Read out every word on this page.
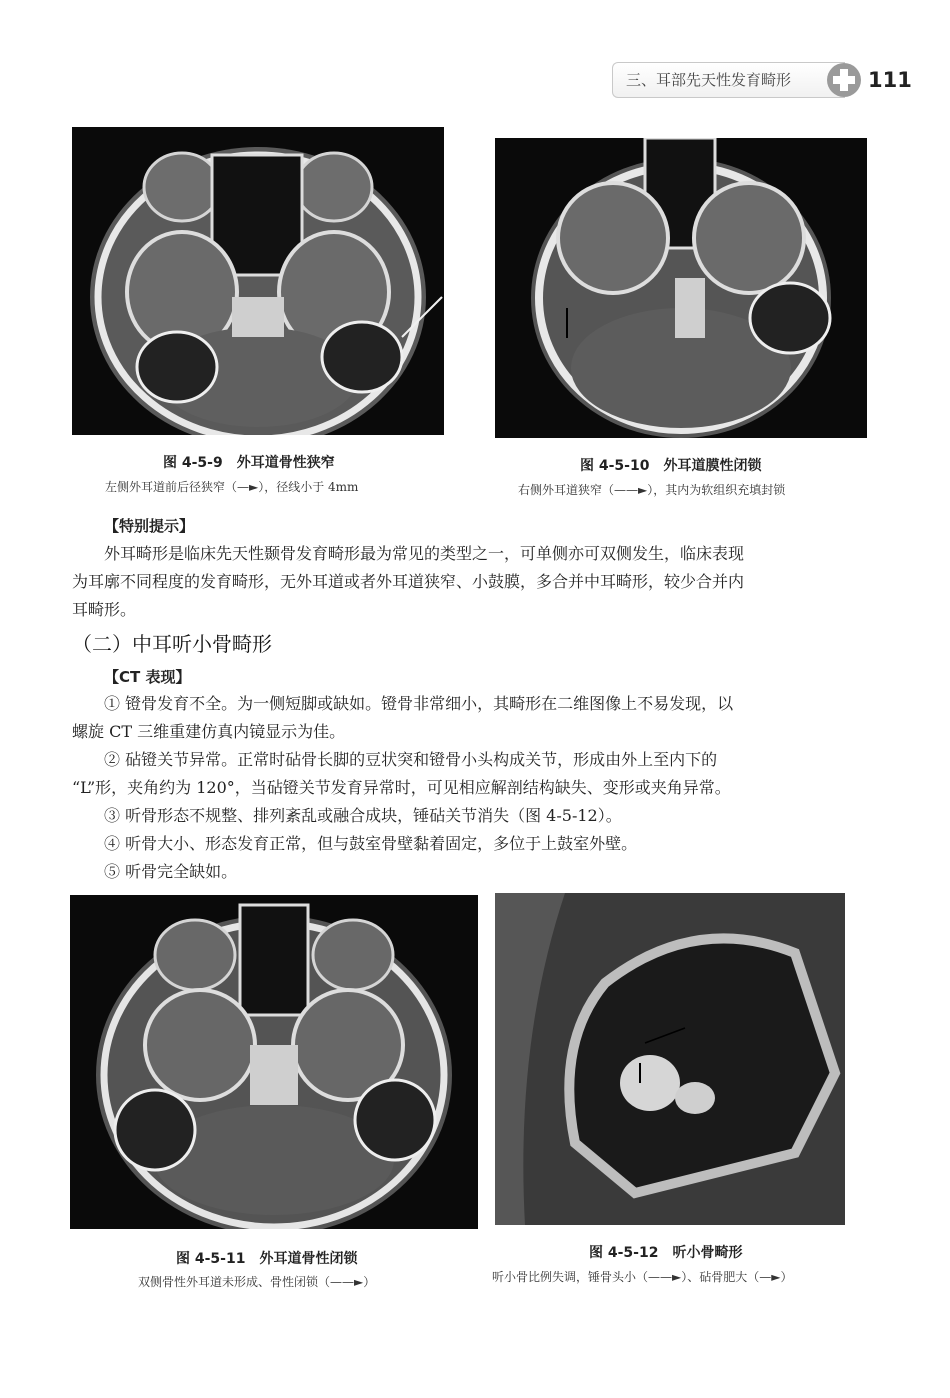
三、耳部先天性发育畸形	111
图 4-5-9　外耳道骨性狭窄
左侧外耳道前后径狭窄（—►），径线小于 4mm
图 4-5-10　外耳道膜性闭锁
右侧外耳道狭窄（——►），其内为软组织充填封锁
【特别提示】
外耳畸形是临床先天性颞骨发育畸形最为常见的类型之一，可单侧亦可双侧发生，临床表现
为耳廓不同程度的发育畸形，无外耳道或者外耳道狭窄、小鼓膜，多合并中耳畸形，较少合并内
耳畸形。
（二）中耳听小骨畸形
【CT 表现】
① 镫骨发育不全。为一侧短脚或缺如。镫骨非常细小，其畸形在二维图像上不易发现，以
螺旋 CT 三维重建仿真内镜显示为佳。
② 砧镫关节异常。正常时砧骨长脚的豆状突和镫骨小头构成关节，形成由外上至内下的
“L”形，夹角约为 120°，当砧镫关节发育异常时，可见相应解剖结构缺失、变形或夹角异常。
③ 听骨形态不规整、排列紊乱或融合成块，锤砧关节消失（图 4-5-12）。
④ 听骨大小、形态发育正常，但与鼓室骨壁黏着固定，多位于上鼓室外壁。
⑤ 听骨完全缺如。
图 4-5-11　外耳道骨性闭锁
双侧骨性外耳道未形成、骨性闭锁（——►）
图 4-5-12　听小骨畸形
听小骨比例失调，锤骨头小（——►）、砧骨肥大（—►）
